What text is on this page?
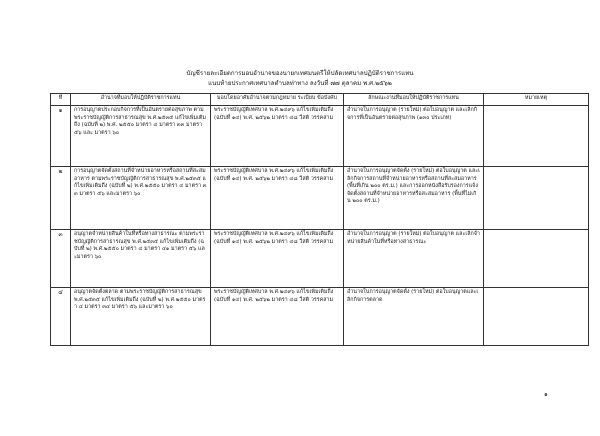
บัญชีรายละเอียดการมอบอำนาจของนายกเทศมนตรีให้ปลัดเทศบาลปฏิบัติราชการแทน
แนบท้ายประกาศเทศบาลตำบลท่าทาง ลงวันที่ ๗๗ ตุลาคม พ.ศ.๒๕๖๒
ที่	อำนาจที่มอบให้ปฏิบัติราชการแทน	มอบโดยอาศัยอำนาจตามกฎหมาย ระเบียบ ข้อบังคับ	ลักษณะงานที่มอบให้ปฏิบัติราชการแทน	หมายเหตุ
๑	การอนุญาตประกอบกิจการที่เป็นอันตรายต่อสุขภาพ ตามพระราชบัญญัติการสาธารณสุข พ.ศ.๒๕๓๕ แก้ไขเพิ่มเติมถึง (ฉบับที่ ๒) พ.ศ. ๒๕๕๐ มาตรา ๔ มาตรา ๓๓ มาตรา ๕๖ และ มาตรา ๖๐	พระราชบัญญัติเทศบาล พ.ศ.๒๔๙๖ แก้ไขเพิ่มเติมถึง (ฉบับที่ ๑๔) พ.ศ. ๒๕๖๒ มาตรา ๔๘ วีสติ วรรคสาม	อำนาจในการอนุญาต (รายใหม่) ต่อใบอนุญาต และเลิกกิจการที่เป็นอันตรายต่อสุขภาพ (๑๓๐ ประเภท)	
๒	การอนุญาตจัดตั้งสถานที่จำหน่ายอาหารหรือสถานที่สะสมอาหาร ตามพระราชบัญญัติการสาธารณสุข พ.ศ.๒๕๓๕ แก้ไขเพิ่มเติมถึง (ฉบับที่ ๒) พ.ศ.๒๕๕๐ มาตรา ๔ มาตรา ๓๓ มาตรา ๕๖ และมาตรา ๖๐	พระราชบัญญัติเทศบาล พ.ศ.๒๔๙๖ แก้ไขเพิ่มเติมถึง (ฉบับที่ ๑๔) พ.ศ. ๒๕๖๒ มาตรา ๔๘ วีสติ วรรคสาม	อำนาจในการอนุญาตจัดตั้ง (รายใหม่) ต่อใบอนุญาต และเลิกกิจการสถานที่จำหน่ายอาหารหรือสถานที่สะสมอาหาร (พื้นที่เกิน ๒๐๐ ตร.ม.) และการออกหนังสือรับรองการแจ้งจัดตั้งสถานที่จำหน่ายอาหารหรือสะสมอาหาร (พื้นที่ไม่เกิน ๒๐๐ ตร.ม.)	
๓	อนุญาตจำหน่ายสินค้าในที่หรือทางสาธารณะ ตามพระราชบัญญัติการสาธารณสุข พ.ศ.๒๕๓๕ แก้ไขเพิ่มเติมถึง (ฉบับที่ ๒) พ.ศ.๒๕๕๐ มาตรา ๔ มาตรา ๔๑ มาตรา ๕๖ และมาตรา ๖๐	พระราชบัญญัติเทศบาล พ.ศ.๒๔๙๖ แก้ไขเพิ่มเติมถึง (ฉบับที่ ๑๔) พ.ศ. ๒๕๖๒ มาตรา ๔๘ วีสติ วรรคสาม	อำนาจในการอนุญาต (รายใหม่) ต่อใบอนุญาต และเลิกจำหน่ายสินค้าในที่หรือทางสาธารณะ	
๔	อนุญาตจัดตั้งตลาด ตามพระราชบัญญัติการสาธารณสุข พ.ศ.๒๕๓๕ แก้ไขเพิ่มเติมถึง (ฉบับที่ ๒) พ.ศ.๒๕๕๐ มาตรา ๔ มาตรา ๓๔ มาตรา ๕๖ และมาตรา ๖๐	พระราชบัญญัติเทศบาล พ.ศ.๒๔๙๖ แก้ไขเพิ่มเติมถึง (ฉบับที่ ๑๔) พ.ศ. ๒๕๖๒ มาตรา ๔๘ วีสติ วรรคสาม	อำนาจในการอนุญาตจัดตั้ง (รายใหม่) ต่อใบอนุญาตและเลิกกิจการตลาด	
๑
